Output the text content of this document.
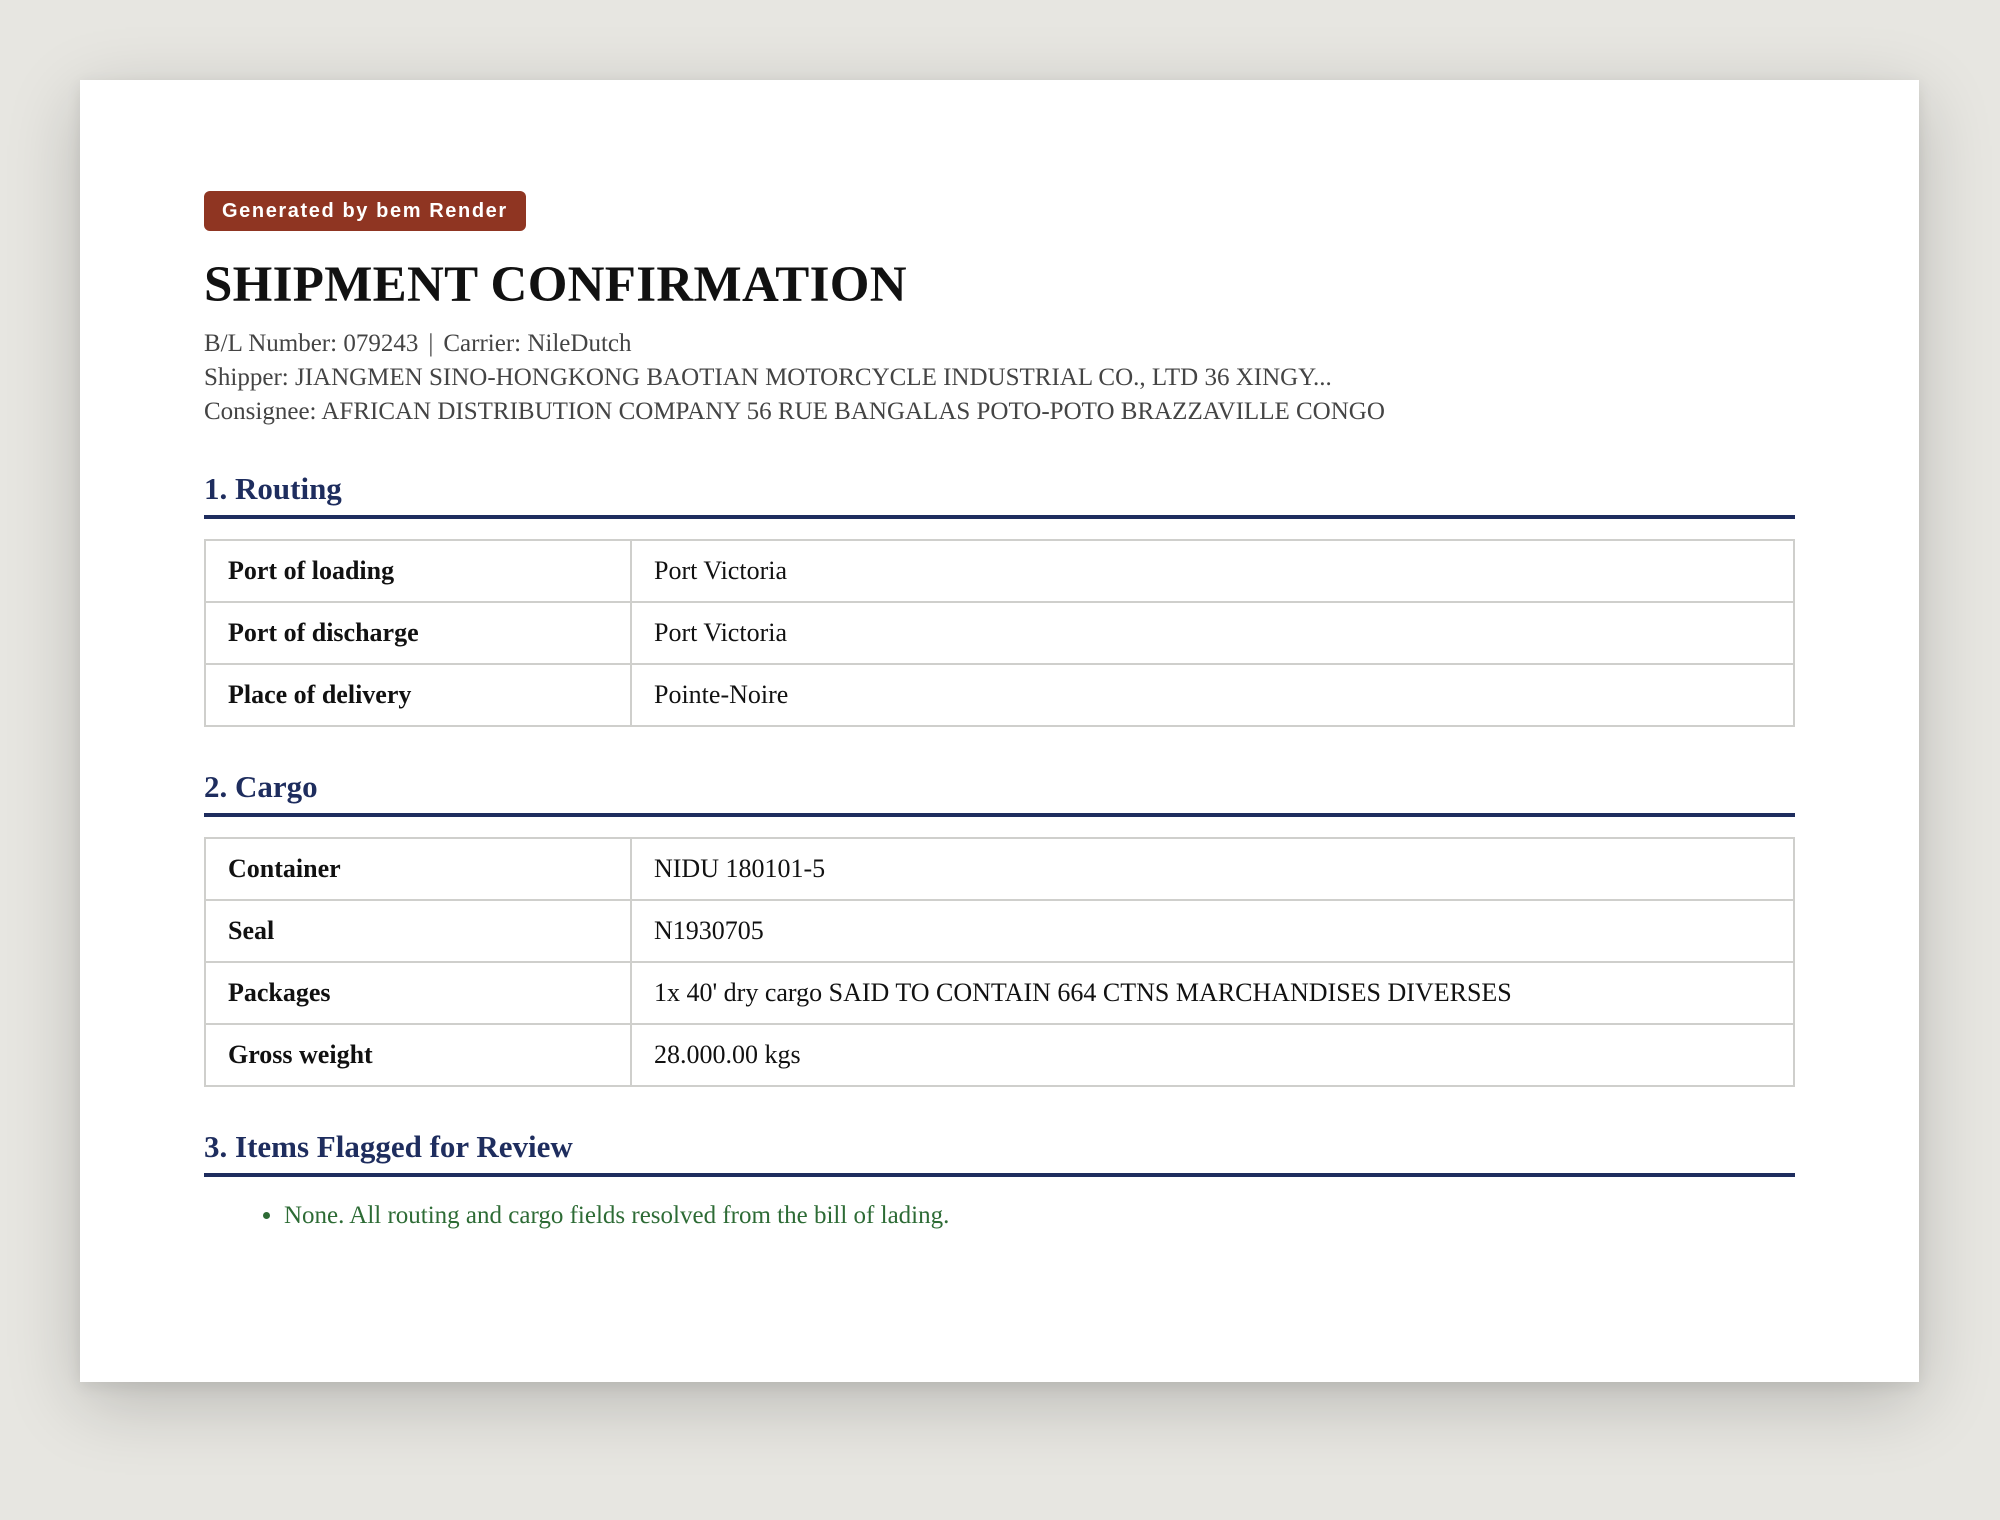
Generated by bem Render
SHIPMENT CONFIRMATION
B/L Number: 079243 | Carrier: NileDutch
Shipper: JIANGMEN SINO-HONGKONG BAOTIAN MOTORCYCLE INDUSTRIAL CO., LTD 36 XINGY...
Consignee: AFRICAN DISTRIBUTION COMPANY 56 RUE BANGALAS POTO-POTO BRAZZAVILLE CONGO
1. Routing
Port of loading	Port Victoria
Port of discharge	Port Victoria
Place of delivery	Pointe-Noire
2. Cargo
Container	NIDU 180101-5
Seal	N1930705
Packages	1x 40' dry cargo SAID TO CONTAIN 664 CTNS MARCHANDISES DIVERSES
Gross weight	28.000.00 kgs
3. Items Flagged for Review
• None. All routing and cargo fields resolved from the bill of lading.
